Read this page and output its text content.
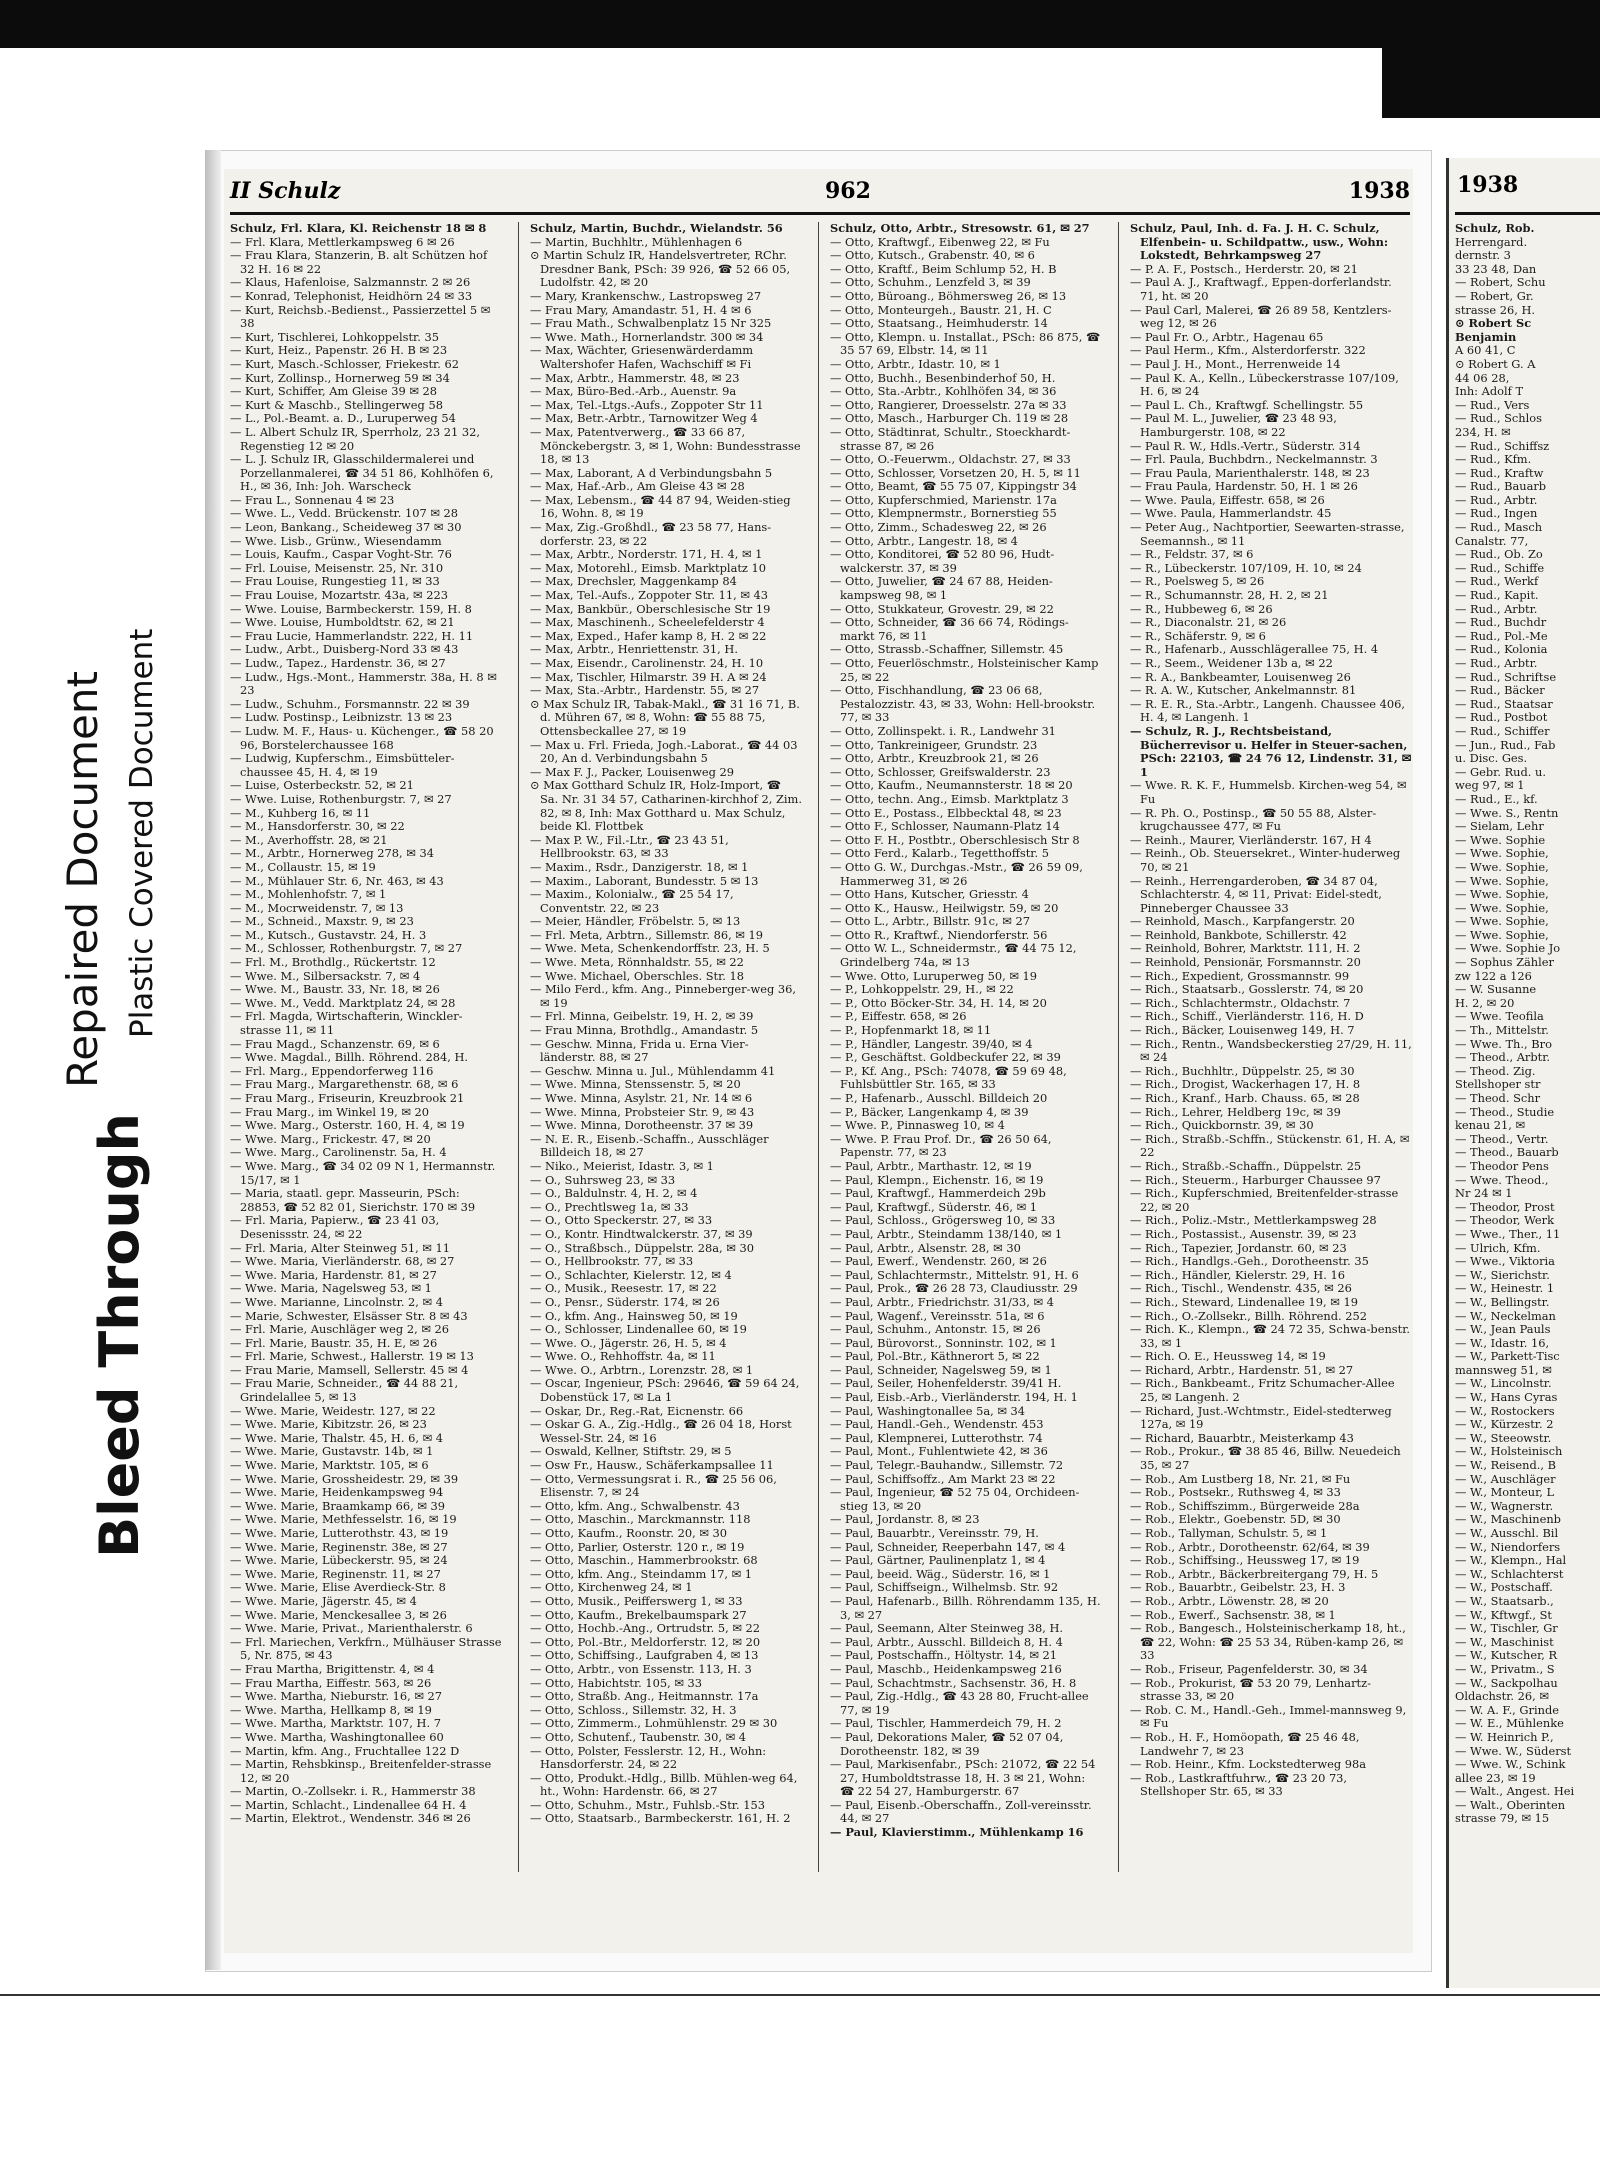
Bleed Through
Repaired Document Plastic Covered Document
II Schulz	962	1938

Schulz, Frl. Klara, Kl. Reichenstr 18 ✉ 8

— Frl. Klara, Mettlerkampsweg 6 ✉ 26

— Frau Klara, Stanzerin, B. alt Schützen hof 32 H. 16 ✉ 22

— Klaus, Hafenloise, Salzmannstr. 2 ✉ 26

— Konrad, Telephonist, Heidhörn 24 ✉ 33

— Kurt, Reichsb.-Bedienst., Passierzettel 5 ✉ 38

— Kurt, Tischlerei, Lohkoppelstr. 35

— Kurt, Heiz., Papenstr. 26 H. B ✉ 23

— Kurt, Masch.-Schlosser, Friekestr. 62

— Kurt, Zollinsp., Hornerweg 59 ✉ 34

— Kurt, Schiffer, Am Gleise 39 ✉ 28

— Kurt & Maschb., Stellingerweg 58

— L., Pol.-Beamt. a. D., Luruperweg 54

— L. Albert Schulz IR, Sperrholz, 23 21 32, Regenstieg 12 ✉ 20

— L. J. Schulz IR, Glasschildermalerei und Porzellanmalerei, ☎ 34 51 86, Kohlhöfen 6, H., ✉ 36, Inh: Joh. Warscheck

— Frau L., Sonnenau 4 ✉ 23

— Wwe. L., Vedd. Brückenstr. 107 ✉ 28

— Leon, Bankang., Scheideweg 37 ✉ 30

— Wwe. Lisb., Grünw., Wiesendamm

— Louis, Kaufm., Caspar Voght-Str. 76

— Frl. Louise, Meisenstr. 25, Nr. 310

— Frau Louise, Rungestieg 11, ✉ 33

— Frau Louise, Mozartstr. 43a, ✉ 223

— Wwe. Louise, Barmbeckerstr. 159, H. 8

— Wwe. Louise, Humboldtstr. 62, ✉ 21

— Frau Lucie, Hammerlandstr. 222, H. 11

— Ludw., Arbt., Duisberg-Nord 33 ✉ 43

— Ludw., Tapez., Hardenstr. 36, ✉ 27

— Ludw., Hgs.-Mont., Hammerstr. 38a, H. 8 ✉ 23

— Ludw., Schuhm., Forsmannstr. 22 ✉ 39

— Ludw. Postinsp., Leibnizstr. 13 ✉ 23

— Ludw. M. F., Haus- u. Küchenger., ☎ 58 20 96, Borstelerchaussee 168

— Ludwig, Kupferschm., Eimsbütteler-chaussee 45, H. 4, ✉ 19

— Luise, Osterbeckstr. 52, ✉ 21

— Wwe. Luise, Rothenburgstr. 7, ✉ 27

— M., Kuhberg 16, ✉ 11

— M., Hansdorferstr. 30, ✉ 22

— M., Averhoffstr. 28, ✉ 21

— M., Arbtr., Hornerweg 278, ✉ 34

— M., Collaustr. 15, ✉ 19

— M., Mühlauer Str. 6, Nr. 463, ✉ 43

— M., Mohlenhofstr. 7, ✉ 1

— M., Mocrweidenstr. 7, ✉ 13

— M., Schneid., Maxstr. 9, ✉ 23

— M., Kutsch., Gustavstr. 24, H. 3

— M., Schlosser, Rothenburgstr. 7, ✉ 27

— Frl. M., Brothdlg., Rückertstr. 12

— Wwe. M., Silbersackstr. 7, ✉ 4

— Wwe. M., Baustr. 33, Nr. 18, ✉ 26

— Wwe. M., Vedd. Marktplatz 24, ✉ 28

— Frl. Magda, Wirtschafterin, Winckler-strasse 11, ✉ 11

— Frau Magd., Schanzenstr. 69, ✉ 6

— Wwe. Magdal., Billh. Röhrend. 284, H.

— Frl. Marg., Eppendorferweg 116

— Frau Marg., Margarethenstr. 68, ✉ 6

— Frau Marg., Friseurin, Kreuzbrook 21

— Frau Marg., im Winkel 19, ✉ 20

— Wwe. Marg., Osterstr. 160, H. 4, ✉ 19

— Wwe. Marg., Frickestr. 47, ✉ 20

— Wwe. Marg., Carolinenstr. 5a, H. 4

— Wwe. Marg., ☎ 34 02 09 N 1, Hermannstr. 15/17, ✉ 1

— Maria, staatl. gepr. Masseurin, PSch: 28853, ☎ 52 82 01, Sierichstr. 170 ✉ 39

— Frl. Maria, Papierw., ☎ 23 41 03, Desenissstr. 24, ✉ 22

— Frl. Maria, Alter Steinweg 51, ✉ 11

— Wwe. Maria, Vierländerstr. 68, ✉ 27

— Wwe. Maria, Hardenstr. 81, ✉ 27

— Wwe. Maria, Nagelsweg 53, ✉ 1

— Wwe. Marianne, Lincolnstr. 2, ✉ 4

— Marie, Schwester, Elsässer Str. 8 ✉ 43

— Frl. Marie, Auschläger weg 2, ✉ 26

— Frl. Marie, Baustr. 35, H. E, ✉ 26

— Frl. Marie, Schwest., Hallerstr. 19 ✉ 13

— Frau Marie, Mamsell, Sellerstr. 45 ✉ 4

— Frau Marie, Schneider., ☎ 44 88 21, Grindelallee 5, ✉ 13

— Wwe. Marie, Weidestr. 127, ✉ 22

— Wwe. Marie, Kibitzstr. 26, ✉ 23

— Wwe. Marie, Thalstr. 45, H. 6, ✉ 4

— Wwe. Marie, Gustavstr. 14b, ✉ 1

— Wwe. Marie, Marktstr. 105, ✉ 6

— Wwe. Marie, Grossheidestr. 29, ✉ 39

— Wwe. Marie, Heidenkampsweg 94

— Wwe. Marie, Braamkamp 66, ✉ 39

— Wwe. Marie, Methfesselstr. 16, ✉ 19

— Wwe. Marie, Lutterothstr. 43, ✉ 19

— Wwe. Marie, Reginenstr. 38e, ✉ 27

— Wwe. Marie, Lübeckerstr. 95, ✉ 24

— Wwe. Marie, Reginenstr. 11, ✉ 27

— Wwe. Marie, Elise Averdieck-Str. 8

— Wwe. Marie, Jägerstr. 45, ✉ 4

— Wwe. Marie, Menckesallee 3, ✉ 26

— Wwe. Marie, Privat., Marienthalerstr. 6

— Frl. Mariechen, Verkfrn., Mülhäuser Strasse 5, Nr. 875, ✉ 43

— Frau Martha, Brigittenstr. 4, ✉ 4

— Frau Martha, Eiffestr. 563, ✉ 26

— Wwe. Martha, Nieburstr. 16, ✉ 27

— Wwe. Martha, Hellkamp 8, ✉ 19

— Wwe. Martha, Marktstr. 107, H. 7

— Wwe. Martha, Washingtonallee 60

— Martin, kfm. Ang., Fruchtallee 122 D

— Martin, Rehsbkinsp., Breitenfelder-strasse 12, ✉ 20

— Martin, O.-Zollsekr. i. R., Hammerstr 38

— Martin, Schlacht., Lindenallee 64 H. 4

— Martin, Elektrot., Wendenstr. 346 ✉ 26

Schulz, Martin, Buchdr., Wielandstr. 56

— Martin, Buchhltr., Mühlenhagen 6

⊙ Martin Schulz IR, Handelsvertreter, RChr. Dresdner Bank, PSch: 39 926, ☎ 52 66 05, Ludolfstr. 42, ✉ 20

— Mary, Krankenschw., Lastropsweg 27

— Frau Mary, Amandastr. 51, H. 4 ✉ 6

— Frau Math., Schwalbenplatz 15 Nr 325

— Wwe. Math., Hornerlandstr. 300 ✉ 34

— Max, Wächter, Griesenwärderdamm Waltershofer Hafen, Wachschiff ✉ Fi

— Max, Arbtr., Hammerstr. 48, ✉ 23

— Max, Büro-Bed.-Arb., Auenstr. 9a

— Max, Tel.-Ltgs.-Aufs., Zoppoter Str 11

— Max, Betr.-Arbtr., Tarnowitzer Weg 4

— Max, Patentverwerg., ☎ 33 66 87, Mönckebergstr. 3, ✉ 1, Wohn: Bundesstrasse 18, ✉ 13

— Max, Laborant, A d Verbindungsbahn 5

— Max, Haf.-Arb., Am Gleise 43 ✉ 28

— Max, Lebensm., ☎ 44 87 94, Weiden-stieg 16, Wohn. 8, ✉ 19

— Max, Zig.-Großhdl., ☎ 23 58 77, Hans-dorferstr. 23, ✉ 22

— Max, Arbtr., Norderstr. 171, H. 4, ✉ 1

— Max, Motorehl., Eimsb. Marktplatz 10

— Max, Drechsler, Maggenkamp 84

— Max, Tel.-Aufs., Zoppoter Str. 11, ✉ 43

— Max, Bankbür., Oberschlesische Str 19

— Max, Maschinenh., Scheelefelderstr 4

— Max, Exped., Hafer kamp 8, H. 2 ✉ 22

— Max, Arbtr., Henriettenstr. 31, H.

— Max, Eisendr., Carolinenstr. 24, H. 10

— Max, Tischler, Hilmarstr. 39 H. A ✉ 24

— Max, Sta.-Arbtr., Hardenstr. 55, ✉ 27

⊙ Max Schulz IR, Tabak-Makl., ☎ 31 16 71, B. d. Mühren 67, ✉ 8, Wohn: ☎ 55 88 75, Ottensbeckallee 27, ✉ 19

— Max u. Frl. Frieda, Jogh.-Laborat., ☎ 44 03 20, An d. Verbindungsbahn 5

— Max F. J., Packer, Louisenweg 29

⊙ Max Gotthard Schulz IR, Holz-Import, ☎ Sa. Nr. 31 34 57, Catharinen-kirchhof 2, Zim. 82, ✉ 8, Inh: Max Gotthard u. Max Schulz, beide Kl. Flottbek

— Max P. W., Fil.-Ltr., ☎ 23 43 51, Hellbrookstr. 63, ✉ 33

— Maxim., Rsdr., Danzigerstr. 18, ✉ 1

— Maxim., Laborant, Bundesstr. 5 ✉ 13

— Maxim., Kolonialw., ☎ 25 54 17, Conventstr. 22, ✉ 23

— Meier, Händler, Fröbelstr. 5, ✉ 13

— Frl. Meta, Arbtrn., Sillemstr. 86, ✉ 19

— Wwe. Meta, Schenkendorffstr. 23, H. 5

— Wwe. Meta, Rönnhaldstr. 55, ✉ 22

— Wwe. Michael, Oberschles. Str. 18

— Milo Ferd., kfm. Ang., Pinneberger-weg 36, ✉ 19

— Frl. Minna, Geibelstr. 19, H. 2, ✉ 39

— Frau Minna, Brothdlg., Amandastr. 5

— Geschw. Minna, Frida u. Erna Vier-länderstr. 88, ✉ 27

— Geschw. Minna u. Jul., Mühlendamm 41

— Wwe. Minna, Stenssenstr. 5, ✉ 20

— Wwe. Minna, Asylstr. 21, Nr. 14 ✉ 6

— Wwe. Minna, Probsteier Str. 9, ✉ 43

— Wwe. Minna, Dorotheenstr. 37 ✉ 39

— N. E. R., Eisenb.-Schaffn., Ausschläger Billdeich 18, ✉ 27

— Niko., Meierist, Idastr. 3, ✉ 1

— O., Suhrsweg 23, ✉ 33

— O., Baldulnstr. 4, H. 2, ✉ 4

— O., Prechtlsweg 1a, ✉ 33

— O., Otto Speckerstr. 27, ✉ 33

— O., Kontr. Hindtwalckerstr. 37, ✉ 39

— O., Straßbsch., Düppelstr. 28a, ✉ 30

— O., Hellbrookstr. 77, ✉ 33

— O., Schlachter, Kielerstr. 12, ✉ 4

— O., Musik., Reesestr. 17, ✉ 22

— O., Pensr., Süderstr. 174, ✉ 26

— O., kfm. Ang., Hainsweg 50, ✉ 19

— O., Schlosser, Lindenallee 60, ✉ 19

— Wwe. O., Jägerstr. 26, H. 5, ✉ 4

— Wwe. O., Rehhoffstr. 4a, ✉ 11

— Wwe. O., Arbtrn., Lorenzstr. 28, ✉ 1

— Oscar, Ingenieur, PSch: 29646, ☎ 59 64 24, Dobenstück 17, ✉ La 1

— Oskar, Dr., Reg.-Rat, Eicnenstr. 66

— Oskar G. A., Zig.-Hdlg., ☎ 26 04 18, Horst Wessel-Str. 24, ✉ 16

— Oswald, Kellner, Stiftstr. 29, ✉ 5

— Osw Fr., Hausw., Schäferkampsallee 11

— Otto, Vermessungsrat i. R., ☎ 25 56 06, Elisenstr. 7, ✉ 24

— Otto, kfm. Ang., Schwalbenstr. 43

— Otto, Maschin., Marckmannstr. 118

— Otto, Kaufm., Roonstr. 20, ✉ 30

— Otto, Parlier, Osterstr. 120 r., ✉ 19

— Otto, Maschin., Hammerbrookstr. 68

— Otto, kfm. Ang., Steindamm 17, ✉ 1

— Otto, Kirchenweg 24, ✉ 1

— Otto, Musik., Peifferswerg 1, ✉ 33

— Otto, Kaufm., Brekelbaumspark 27

— Otto, Hochb.-Ang., Ortrudstr. 5, ✉ 22

— Otto, Pol.-Btr., Meldorferstr. 12, ✉ 20

— Otto, Schiffsing., Laufgraben 4, ✉ 13

— Otto, Arbtr., von Essenstr. 113, H. 3

— Otto, Habichtstr. 105, ✉ 33

— Otto, Straßb. Ang., Heitmannstr. 17a

— Otto, Schloss., Sillemstr. 32, H. 3

— Otto, Zimmerm., Lohmühlenstr. 29 ✉ 30

— Otto, Schutenf., Taubenstr. 30, ✉ 4

— Otto, Polster, Fesslerstr. 12, H., Wohn: Hansdorferstr. 24, ✉ 22

— Otto, Produkt.-Hdlg., Billb. Mühlen-weg 64, ht., Wohn: Hardenstr. 66, ✉ 27

— Otto, Schuhm., Mstr., Fuhlsb.-Str. 153

— Otto, Staatsarb., Barmbeckerstr. 161, H. 2

Schulz, Otto, Arbtr., Stresowstr. 61, ✉ 27

— Otto, Kraftwgf., Eibenweg 22, ✉ Fu

— Otto, Kutsch., Grabenstr. 40, ✉ 6

— Otto, Kraftf., Beim Schlump 52, H. B

— Otto, Schuhm., Lenzfeld 3, ✉ 39

— Otto, Büroang., Böhmersweg 26, ✉ 13

— Otto, Monteurgeh., Baustr. 21, H. C

— Otto, Staatsang., Heimhuderstr. 14

— Otto, Klempn. u. Installat., PSch: 86 875, ☎ 35 57 69, Elbstr. 14, ✉ 11

— Otto, Arbtr., Idastr. 10, ✉ 1

— Otto, Buchh., Besenbinderhof 50, H.

— Otto, Sta.-Arbtr., Kohlhöfen 34, ✉ 36

— Otto, Rangierer, Droesselstr. 27a ✉ 33

— Otto, Masch., Harburger Ch. 119 ✉ 28

— Otto, Städtinrat, Schultr., Stoeckhardt-strasse 87, ✉ 26

— Otto, O.-Feuerwm., Oldachstr. 27, ✉ 33

— Otto, Schlosser, Vorsetzen 20, H. 5, ✉ 11

— Otto, Beamt, ☎ 55 75 07, Kippingstr 34

— Otto, Kupferschmied, Marienstr. 17a

— Otto, Klempnermstr., Bornerstieg 55

— Otto, Zimm., Schadesweg 22, ✉ 26

— Otto, Arbtr., Langestr. 18, ✉ 4

— Otto, Konditorei, ☎ 52 80 96, Hudt-walckerstr. 37, ✉ 39

— Otto, Juwelier, ☎ 24 67 88, Heiden-kampsweg 98, ✉ 1

— Otto, Stukkateur, Grovestr. 29, ✉ 22

— Otto, Schneider, ☎ 36 66 74, Rödings-markt 76, ✉ 11

— Otto, Strassb.-Schaffner, Sillemstr. 45

— Otto, Feuerlöschmstr., Holsteinischer Kamp 25, ✉ 22

— Otto, Fischhandlung, ☎ 23 06 68, Pestalozzistr. 43, ✉ 33, Wohn: Hell-brookstr. 77, ✉ 33

— Otto, Zollinspekt. i. R., Landwehr 31

— Otto, Tankreinigeer, Grundstr. 23

— Otto, Arbtr., Kreuzbrook 21, ✉ 26

— Otto, Schlosser, Greifswalderstr. 23

— Otto, Kaufm., Neumannsterstr. 18 ✉ 20

— Otto, techn. Ang., Eimsb. Marktplatz 3

— Otto E., Postass., Elbbecktal 48, ✉ 23

— Otto F., Schlosser, Naumann-Platz 14

— Otto F. H., Postbtr., Oberschlesisch Str 8

— Otto Ferd., Kalarb., Tegetthoffstr. 5

— Otto G. W., Durchgas.-Mstr., ☎ 26 59 09, Hammerweg 31, ✉ 26

— Otto Hans, Kutscher, Griesstr. 4

— Otto K., Hausw., Heilwigstr. 59, ✉ 20

— Otto L., Arbtr., Billstr. 91c, ✉ 27

— Otto R., Kraftwf., Niendorferstr. 56

— Otto W. L., Schneidermstr., ☎ 44 75 12, Grindelberg 74a, ✉ 13

— Wwe. Otto, Luruperweg 50, ✉ 19

— P., Lohkoppelstr. 29, H., ✉ 22

— P., Otto Böcker-Str. 34, H. 14, ✉ 20

— P., Eiffestr. 658, ✉ 26

— P., Hopfenmarkt 18, ✉ 11

— P., Händler, Langestr. 39/40, ✉ 4

— P., Geschäftst. Goldbeckufer 22, ✉ 39

— P., Kf. Ang., PSch: 74078, ☎ 59 69 48, Fuhlsbüttler Str. 165, ✉ 33

— P., Hafenarb., Ausschl. Billdeich 20

— P., Bäcker, Langenkamp 4, ✉ 39

— Wwe. P., Pinnasweg 10, ✉ 4

— Wwe. P. Frau Prof. Dr., ☎ 26 50 64, Papenstr. 77, ✉ 23

— Paul, Arbtr., Marthastr. 12, ✉ 19

— Paul, Klempn., Eichenstr. 16, ✉ 19

— Paul, Kraftwgf., Hammerdeich 29b

— Paul, Kraftwgf., Süderstr. 46, ✉ 1

— Paul, Schloss., Grögersweg 10, ✉ 33

— Paul, Arbtr., Steindamm 138/140, ✉ 1

— Paul, Arbtr., Alsenstr. 28, ✉ 30

— Paul, Ewerf., Wendenstr. 260, ✉ 26

— Paul, Schlachtermstr., Mittelstr. 91, H. 6

— Paul, Prok., ☎ 26 28 73, Claudiusstr. 29

— Paul, Arbtr., Friedrichstr. 31/33, ✉ 4

— Paul, Wagenf., Vereinsstr. 51a, ✉ 6

— Paul, Schuhm., Antonstr. 15, ✉ 26

— Paul, Bürovorst., Sonninstr. 102, ✉ 1

— Paul, Pol.-Btr., Käthnerort 5, ✉ 22

— Paul, Schneider, Nagelsweg 59, ✉ 1

— Paul, Seiler, Hohenfelderstr. 39/41 H.

— Paul, Eisb.-Arb., Vierländerstr. 194, H. 1

— Paul, Washingtonallee 5a, ✉ 34

— Paul, Handl.-Geh., Wendenstr. 453

— Paul, Klempnerei, Lutterothstr. 74

— Paul, Mont., Fuhlentwiete 42, ✉ 36

— Paul, Telegr.-Bauhandw., Sillemstr. 72

— Paul, Schiffsoffz., Am Markt 23 ✉ 22

— Paul, Ingenieur, ☎ 52 75 04, Orchideen-stieg 13, ✉ 20

— Paul, Jordanstr. 8, ✉ 23

— Paul, Bauarbtr., Vereinsstr. 79, H.

— Paul, Schneider, Reeperbahn 147, ✉ 4

— Paul, Gärtner, Paulinenplatz 1, ✉ 4

— Paul, beeid. Wäg., Süderstr. 16, ✉ 1

— Paul, Schiffseign., Wilhelmsb. Str. 92

— Paul, Hafenarb., Billh. Röhrendamm 135, H. 3, ✉ 27

— Paul, Seemann, Alter Steinweg 38, H.

— Paul, Arbtr., Ausschl. Billdeich 8, H. 4

— Paul, Postschaffn., Höltystr. 14, ✉ 21

— Paul, Maschb., Heidenkampsweg 216

— Paul, Schachtmstr., Sachsenstr. 36, H. 8

— Paul, Zig.-Hdlg., ☎ 43 28 80, Frucht-allee 77, ✉ 19

— Paul, Tischler, Hammerdeich 79, H. 2

— Paul, Dekorations Maler, ☎ 52 07 04, Dorotheenstr. 182, ✉ 39

— Paul, Markisenfabr., PSch: 21072, ☎ 22 54 27, Humboldtstrasse 18, H. 3 ✉ 21, Wohn: ☎ 22 54 27, Hamburgerstr. 67

— Paul, Eisenb.-Oberschaffn., Zoll-vereinsstr. 44, ✉ 27

— Paul, Klavierstimm., Mühlenkamp 16

Schulz, Paul, Inh. d. Fa. J. H. C. Schulz, Elfenbein- u. Schildpattw., usw., Wohn: Lokstedt, Behrkampsweg 27

— P. A. F., Postsch., Herderstr. 20, ✉ 21

— Paul A. J., Kraftwagf., Eppen-dorferlandstr. 71, ht. ✉ 20

— Paul Carl, Malerei, ☎ 26 89 58, Kentzlers-weg 12, ✉ 26

— Paul Fr. O., Arbtr., Hagenau 65

— Paul Herm., Kfm., Alsterdorferstr. 322

— Paul J. H., Mont., Herrenweide 14

— Paul K. A., Kelln., Lübeckerstrasse 107/109, H. 6, ✉ 24

— Paul L. Ch., Kraftwgf. Schellingstr. 55

— Paul M. L., Juwelier, ☎ 23 48 93, Hamburgerstr. 108, ✉ 22

— Paul R. W., Hdls.-Vertr., Süderstr. 314

— Frl. Paula, Buchbdrn., Neckelmannstr. 3

— Frau Paula, Marienthalerstr. 148, ✉ 23

— Frau Paula, Hardenstr. 50, H. 1 ✉ 26

— Wwe. Paula, Eiffestr. 658, ✉ 26

— Wwe. Paula, Hammerlandstr. 45

— Peter Aug., Nachtportier, Seewarten-strasse, Seemannsh., ✉ 11

— R., Feldstr. 37, ✉ 6

— R., Lübeckerstr. 107/109, H. 10, ✉ 24

— R., Poelsweg 5, ✉ 26

— R., Schumannstr. 28, H. 2, ✉ 21

— R., Hubbeweg 6, ✉ 26

— R., Diaconalstr. 21, ✉ 26

— R., Schäferstr. 9, ✉ 6

— R., Hafenarb., Ausschlägerallee 75, H. 4

— R., Seem., Weidener 13b a, ✉ 22

— R. A., Bankbeamter, Louisenweg 26

— R. A. W., Kutscher, Ankelmannstr. 81

— R. E. R., Sta.-Arbtr., Langenh. Chaussee 406, H. 4, ✉ Langenh. 1

— Schulz, R. J., Rechtsbeistand, Bücherrevisor u. Helfer in Steuer-sachen, PSch: 22103, ☎ 24 76 12, Lindenstr. 31, ✉ 1

— Wwe. R. K. F., Hummelsb. Kirchen-weg 54, ✉ Fu

— R. Ph. O., Postinsp., ☎ 50 55 88, Alster-krugchaussee 477, ✉ Fu

— Reinh., Maurer, Vierländerstr. 167, H 4

— Reinh., Ob. Steuersekret., Winter-huderweg 70, ✉ 21

— Reinh., Herrengarderoben, ☎ 34 87 04, Schlachterstr. 4, ✉ 11, Privat: Eidel-stedt, Pinneberger Chaussee 33

— Reinhold, Masch., Karpfangerstr. 20

— Reinhold, Bankbote, Schillerstr. 42

— Reinhold, Bohrer, Marktstr. 111, H. 2

— Reinhold, Pensionär, Forsmannstr. 20

— Rich., Expedient, Grossmannstr. 99

— Rich., Staatsarb., Gosslerstr. 74, ✉ 20

— Rich., Schlachtermstr., Oldachstr. 7

— Rich., Schiff., Vierländerstr. 116, H. D

— Rich., Bäcker, Louisenweg 149, H. 7

— Rich., Rentn., Wandsbeckerstieg 27/29, H. 11, ✉ 24

— Rich., Buchhltr., Düppelstr. 25, ✉ 30

— Rich., Drogist, Wackerhagen 17, H. 8

— Rich., Kranf., Harb. Chauss. 65, ✉ 28

— Rich., Lehrer, Heldberg 19c, ✉ 39

— Rich., Quickbornstr. 39, ✉ 30

— Rich., Straßb.-Schffn., Stückenstr. 61, H. A, ✉ 22

— Rich., Straßb.-Schaffn., Düppelstr. 25

— Rich., Steuerm., Harburger Chaussee 97

— Rich., Kupferschmied, Breitenfelder-strasse 22, ✉ 20

— Rich., Poliz.-Mstr., Mettlerkampsweg 28

— Rich., Postassist., Ausenstr. 39, ✉ 23

— Rich., Tapezier, Jordanstr. 60, ✉ 23

— Rich., Handlgs.-Geh., Dorotheenstr. 35

— Rich., Händler, Kielerstr. 29, H. 16

— Rich., Tischl., Wendenstr. 435, ✉ 26

— Rich., Steward, Lindenallee 19, ✉ 19

— Rich., O.-Zollsekr., Billh. Röhrend. 252

— Rich. K., Klempn., ☎ 24 72 35, Schwa-benstr. 33, ✉ 1

— Rich. O. E., Heussweg 14, ✉ 19

— Richard, Arbtr., Hardenstr. 51, ✉ 27

— Rich., Bankbeamt., Fritz Schumacher-Allee 25, ✉ Langenh. 2

— Richard, Just.-Wchtmstr., Eidel-stedterweg 127a, ✉ 19

— Richard, Bauarbtr., Meisterkamp 43

— Rob., Prokur., ☎ 38 85 46, Billw. Neuedeich 35, ✉ 27

— Rob., Am Lustberg 18, Nr. 21, ✉ Fu

— Rob., Postsekr., Ruthsweg 4, ✉ 33

— Rob., Schiffszimm., Bürgerweide 28a

— Rob., Elektr., Goebenstr. 5D, ✉ 30

— Rob., Tallyman, Schulstr. 5, ✉ 1

— Rob., Arbtr., Dorotheenstr. 62/64, ✉ 39

— Rob., Schiffsing., Heussweg 17, ✉ 19

— Rob., Arbtr., Bäckerbreitergang 79, H. 5

— Rob., Bauarbtr., Geibelstr. 23, H. 3

— Rob., Arbtr., Löwenstr. 28, ✉ 20

— Rob., Ewerf., Sachsenstr. 38, ✉ 1

— Rob., Bangesch., Holsteinischerkamp 18, ht., ☎ 22, Wohn: ☎ 25 53 34, Rüben-kamp 26, ✉ 33

— Rob., Friseur, Pagenfelderstr. 30, ✉ 34

— Rob., Prokurist, ☎ 53 20 79, Lenhartz-strasse 33, ✉ 20

— Rob. C. M., Handl.-Geh., Immel-mannsweg 9, ✉ Fu

— Rob., H. F., Homöopath, ☎ 25 46 48, Landwehr 7, ✉ 23

— Rob. Heinr., Kfm. Lockstedterweg 98a

— Rob., Lastkraftfuhrw., ☎ 23 20 73, Stellshoper Str. 65, ✉ 33

1938

Schulz, Rob.

Herrengard.

dernstr. 3

33 23 48, Dan

— Robert, Schu

— Robert, Gr.

strasse 26, H.

⊙ Robert Sc

Benjamin

A 60 41, C

⊙ Robert G. A

44 06 28,

Inh: Adolf T

— Rud., Vers

— Rud., Schlos

234, H. ✉

— Rud., Schiffsz

— Rud., Kfm.

— Rud., Kraftw

— Rud., Bauarb

— Rud., Arbtr.

— Rud., Ingen

— Rud., Masch

Canalstr. 77,

— Rud., Ob. Zo

— Rud., Schiffe

— Rud., Werkf

— Rud., Kapit.

— Rud., Arbtr.

— Rud., Buchdr

— Rud., Pol.-Me

— Rud., Kolonia

— Rud., Arbtr.

— Rud., Schriftse

— Rud., Bäcker

— Rud., Staatsar

— Rud., Postbot

— Rud., Schiffer

— Jun., Rud., Fab

u. Disc. Ges.

— Gebr. Rud. u.

weg 97, ✉ 1

— Rud., E., kf.

— Wwe. S., Rentn

— Sielam, Lehr

— Wwe. Sophie

— Wwe. Sophie,

— Wwe. Sophie,

— Wwe. Sophie,

— Wwe. Sophie,

— Wwe. Sophie,

— Wwe. Sophie,

— Wwe. Sophie,

— Wwe. Sophie Jo

— Sophus Zähler

zw 122 a 126

— W. Susanne

H. 2, ✉ 20

— Wwe. Teofila

— Th., Mittelstr.

— Wwe. Th., Bro

— Theod., Arbtr.

— Theod. Zig.

Stellshoper str

— Theod. Schr

— Theod., Studie

kenau 21, ✉

— Theod., Vertr.

— Theod., Bauarb

— Theodor Pens

— Wwe. Theod.,

Nr 24 ✉ 1

— Theodor, Prost

— Theodor, Werk

— Wwe., Ther., 11

— Ulrich, Kfm.

— Wwe., Viktoria

— W., Sierichstr.

— W., Heinestr. 1

— W., Bellingstr.

— W., Neckelman

— W., Jean Pauls

— W., Idastr. 16,

— W., Parkett-Tisc

mannsweg 51, ✉

— W., Lincolnstr.

— W., Hans Cyras

— W., Rostockers

— W., Kürzestr. 2

— W., Steeowstr.

— W., Holsteinisch

— W., Reisend., B

— W., Auschläger

— W., Monteur, L

— W., Wagnerstr.

— W., Maschinenb

— W., Ausschl. Bil

— W., Niendorfers

— W., Klempn., Hal

— W., Schlachterst

— W., Postschaff.

— W., Staatsarb.,

— W., Kftwgf., St

— W., Tischler, Gr

— W., Maschinist

— W., Kutscher, R

— W., Privatm., S

— W., Sackpolhau

Oldachstr. 26, ✉

— W. A. F., Grinde

— W. E., Mühlenke

— W. Heinrich P.,

— Wwe. W., Süderst

— Wwe. W., Schink

allee 23, ✉ 19

— Walt., Angest. Hei

— Walt., Oberinten

strasse 79, ✉ 15
